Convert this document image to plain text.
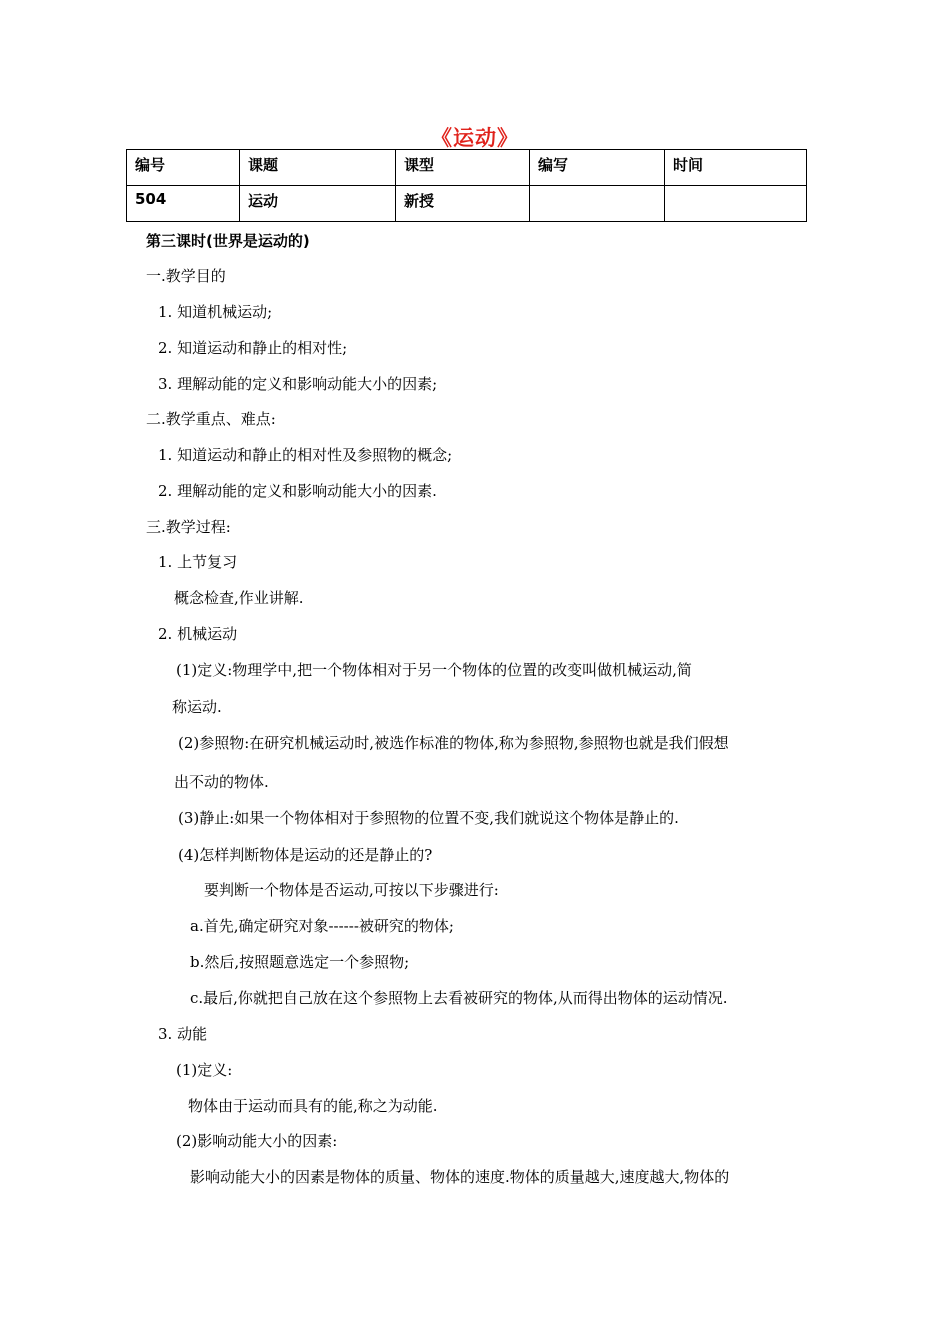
《运动》
编号	课题	课型	编写	时间
504	运动	新授		
第三课时(世界是运动的)
一.教学目的
1. 知道机械运动;
2. 知道运动和静止的相对性;
3. 理解动能的定义和影响动能大小的因素;
二.教学重点、难点:
1. 知道运动和静止的相对性及参照物的概念;
2. 理解动能的定义和影响动能大小的因素.
三.教学过程:
1. 上节复习
概念检查,作业讲解.
2. 机械运动
(1)定义:物理学中,把一个物体相对于另一个物体的位置的改变叫做机械运动,简
称运动.
(2)参照物:在研究机械运动时,被选作标准的物体,称为参照物,参照物也就是我们假想
出不动的物体.
(3)静止:如果一个物体相对于参照物的位置不变,我们就说这个物体是静止的.
(4)怎样判断物体是运动的还是静止的?
要判断一个物体是否运动,可按以下步骤进行:
a.首先,确定研究对象------被研究的物体;
b.然后,按照题意选定一个参照物;
c.最后,你就把自己放在这个参照物上去看被研究的物体,从而得出物体的运动情况.
3. 动能
(1)定义:
物体由于运动而具有的能,称之为动能.
(2)影响动能大小的因素:
影响动能大小的因素是物体的质量、物体的速度.物体的质量越大,速度越大,物体的
